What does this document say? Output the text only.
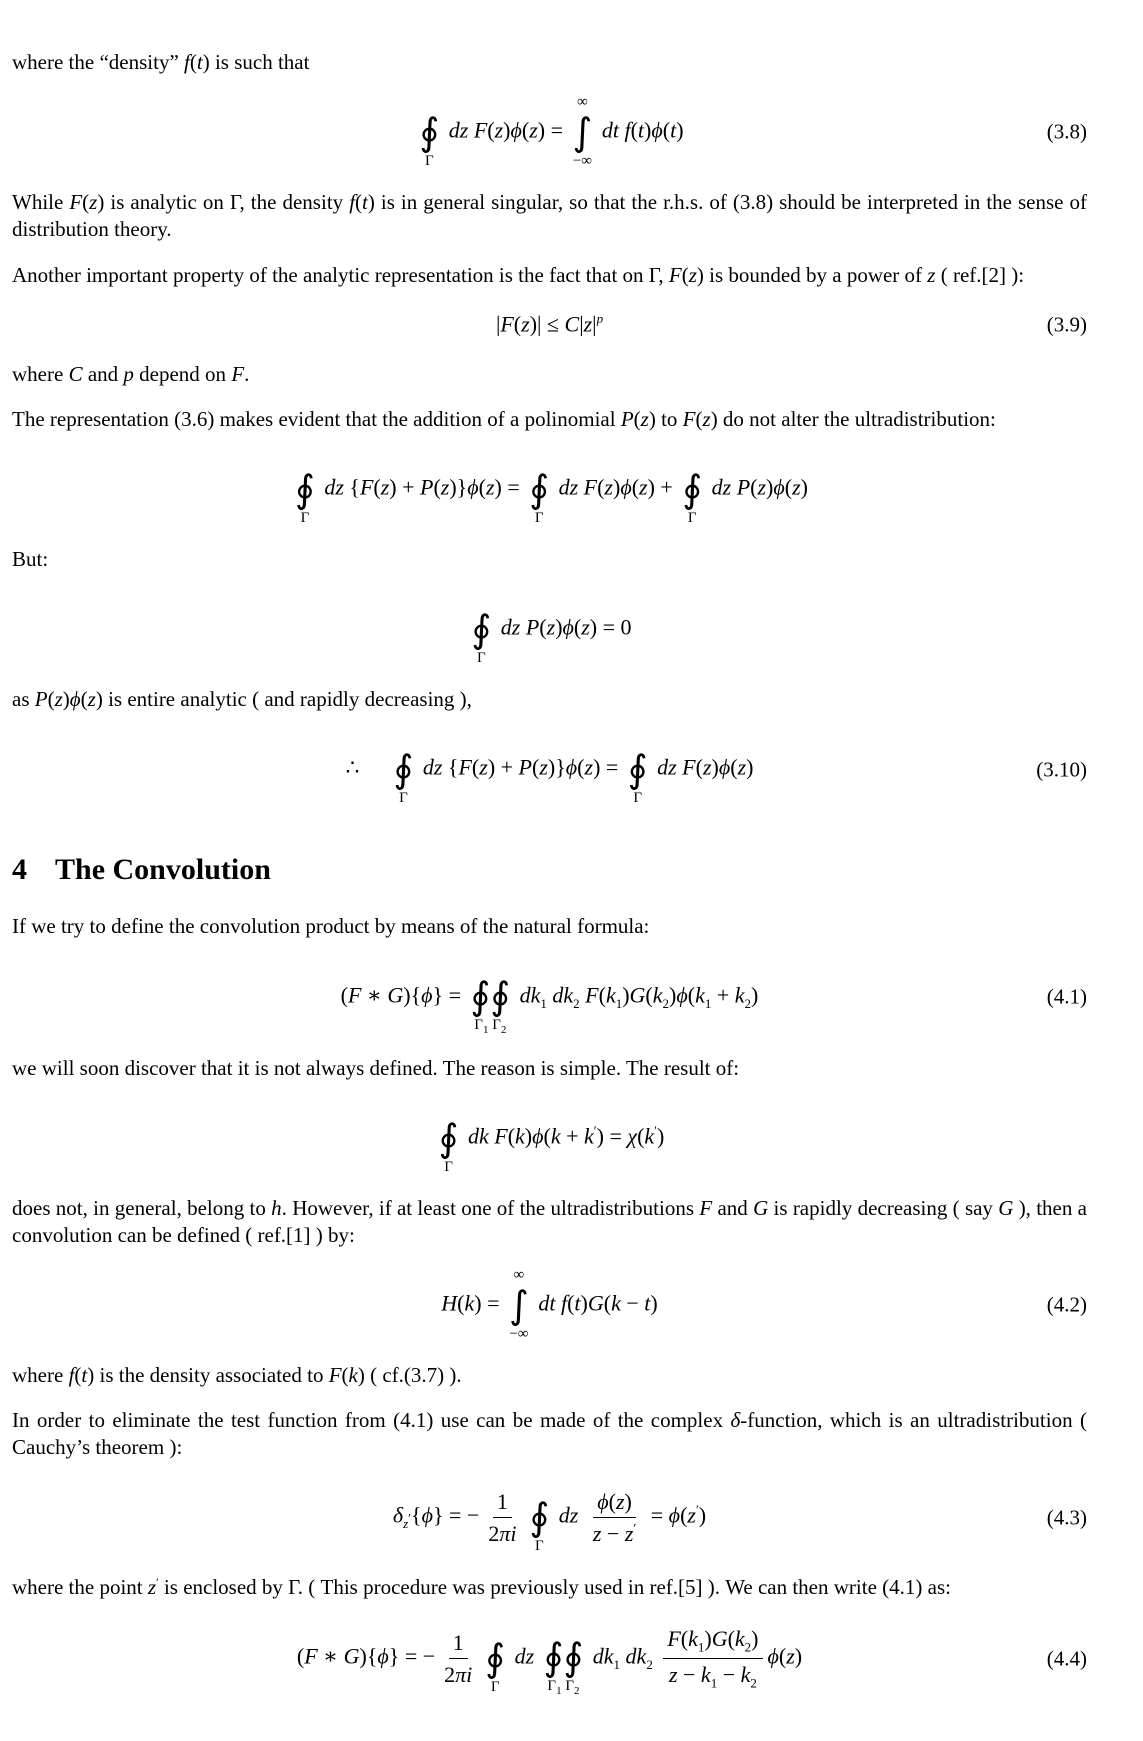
where the “density” f(t) is such that

∮
Γ
dz F(z)ϕ(z) =
∞
∫
−∞
dt f(t)ϕ(t)	(3.8)

While F(z) is analytic on Γ, the density f(t) is in general singular, so that the r.h.s. of (3.8) should be interpreted in the sense of distribution theory.

Another important property of the analytic representation is the fact that on Γ, F(z) is bounded by a power of z ( ref.[2] ):

$|F(z)| \le C|z|^p$	(3.9)

where C and p depend on F.

The representation (3.6) makes evident that the addition of a polinomial P(z) to F(z) do not alter the ultradistribution:

∮
Γ
dz {F(z) + P(z)}ϕ(z) = ∮
Γ
dz F(z)ϕ(z) + ∮
Γ
dz P(z)ϕ(z)

But:

∮
Γ
dz P(z)ϕ(z) = 0

as P(z)ϕ(z) is entire analytic ( and rapidly decreasing ),

∴ ∮
Γ
dz {F(z) + P(z)}ϕ(z) = ∮
Γ
dz F(z)ϕ(z)	(3.10)
4 The Convolution

If we try to define the convolution product by means of the natural formula:

(F ∗ G){ϕ} = ∮∮
$\Gamma_1$ $\Gamma_2$
$dk_1$ $dk_2$ $F(k_1)G(k_2)\phi(k_1 + k_2)$	(4.1)

we will soon discover that it is not always defined. The reason is simple. The result of:

∮
Γ
dk F(k)ϕ(k + k′) = χ(k′)

does not, in general, belong to h. However, if at least one of the ultradistributions F and G is rapidly decreasing ( say G ), then a convolution can be defined ( ref.[1] ) by:

H(k) =
∞
∫
−∞
dt f(t)G(k − t)	(4.2)

where f(t) is the density associated to F(k) ( cf.(3.7) ).

In order to eliminate the test function from (4.1) use can be made of the complex δ-function, which is an ultradistribution ( Cauchy’s theorem ):

$\delta_{z'}\{\phi\}$ = − $\frac{1}{2\pi i}$ ∮
Γ
dz $\frac{\phi(z)}{z - z'} = \phi(z')$	(4.3)

where the point z′ is enclosed by Γ. ( This procedure was previously used in ref.[5] ). We can then write (4.1) as:

(F ∗ G){ϕ} = − $\frac{1}{2\pi i}$ ∮
Γ
dz ∮∮
$\Gamma_1$ $\Gamma_2$
$dk_1$ $dk_2 \frac{F(k_1)G(k_2)}{z - k_1 - k_2} \phi(z)$	(4.4)
